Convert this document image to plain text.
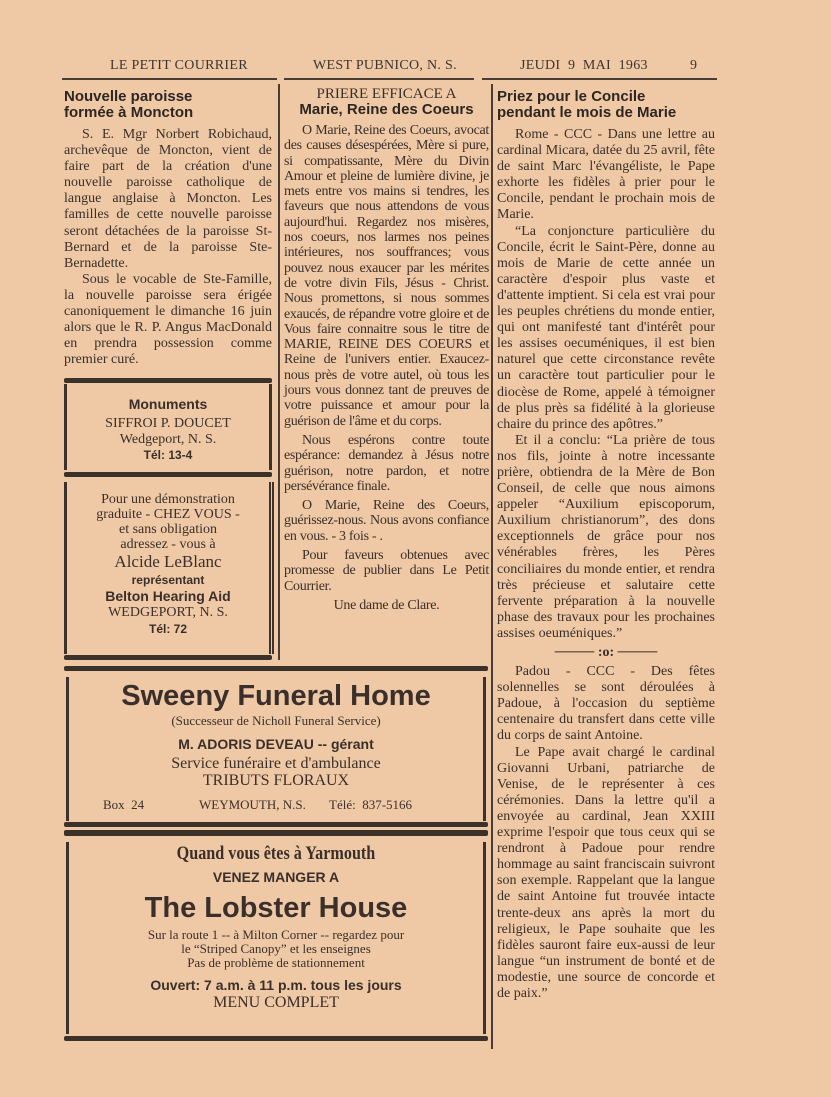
LE PETIT COURRIER	WEST PUBNICO, N. S.	JEUDI  9  MAI  1963	9
Nouvelle paroisse
formée à Moncton

S. E. Mgr Norbert Robichaud, archevêque de Moncton, vient de faire part de la création d'une nouvelle paroisse catholique de langue anglaise à Moncton. Les familles de cette nouvelle paroisse seront détachées de la paroisse St-Bernard et de la paroisse Ste-Bernadette.

Sous le vocable de Ste-Famille, la nouvelle paroisse sera érigée canoniquement le dimanche 16 juin alors que le R. P. Angus MacDonald en prendra possession comme premier curé.

Monuments
SIFFROI P. DOUCET
Wedgeport, N. S.
Tél: 13-4
Pour une démonstration
graduite - CHEZ VOUS -
et sans obligation
adressez - vous à
Alcide LeBlanc
représentant
Belton Hearing Aid
WEDGEPORT, N. S.
Tél: 72
PRIERE EFFICACE A
Marie, Reine des Coeurs

O Marie, Reine des Coeurs, avocat des causes désespérées, Mère si pure, si compatissante, Mère du Divin Amour et pleine de lumière divine, je mets entre vos mains si tendres, les faveurs que nous attendons de vous aujourd'hui. Regardez nos misères, nos coeurs, nos larmes nos peines intérieures, nos souffrances; vous pouvez nous exaucer par les mérites de votre divin Fils, Jésus - Christ. Nous promettons, si nous sommes exaucés, de répandre votre gloire et de Vous faire connaitre sous le titre de MARIE, REINE DES COEURS et Reine de l'univers entier. Exaucez-nous près de votre autel, où tous les jours vous donnez tant de preuves de votre puissance et amour pour la guérison de l'âme et du corps.

Nous espérons contre toute espérance: demandez à Jésus notre guérison, notre pardon, et notre persévérance finale.

O Marie, Reine des Coeurs, guérissez-nous. Nous avons confiance en vous. - 3 fois - .

Pour faveurs obtenues avec promesse de publier dans Le Petit Courrier.

Une dame de Clare.

Priez pour le Concile
pendant le mois de Marie

Rome - CCC - Dans une lettre au cardinal Micara, datée du 25 avril, fête de saint Marc l'évangéliste, le Pape exhorte les fidèles à prier pour le Concile, pendant le prochain mois de Marie.

“La conjoncture particulière du Concile, écrit le Saint-Père, donne au mois de Marie de cette année un caractère d'espoir plus vaste et d'attente imptient. Si cela est vrai pour les peuples chrétiens du monde entier, qui ont manifesté tant d'intérêt pour les assises oecuméniques, il est bien naturel que cette circonstance revête un caractère tout particulier pour le diocèse de Rome, appelé à témoigner de plus près sa fidélité à la glorieuse chaire du prince des apôtres.”

Et il a conclu: “La prière de tous nos fils, jointe à notre incessante prière, obtiendra de la Mère de Bon Conseil, de celle que nous aimons appeler “Auxilium episcoporum, Auxilium christianorum”, des dons exceptionnels de grâce pour nos vénérables frères, les Pères conciliaires du monde entier, et rendra très précieuse et salutaire cette fervente préparation à la nouvelle phase des travaux pour les prochaines assises oeuméniques.”

──── :o: ────

Padou - CCC - Des fêtes solennelles se sont déroulées à Padoue, à l'occasion du septième centenaire du transfert dans cette ville du corps de saint Antoine.

Le Pape avait chargé le cardinal Giovanni Urbani, patriarche de Venise, de le représenter à ces cérémonies. Dans la lettre qu'il a envoyée au cardinal, Jean XXIII exprime l'espoir que tous ceux qui se rendront à Padoue pour rendre hommage au saint franciscain suivront son exemple. Rappelant que la langue de saint Antoine fut trouvée intacte trente-deux ans après la mort du religieux, le Pape souhaite que les fidèles sauront faire eux-aussi de leur langue “un instrument de bonté et de modestie, une source de concorde et de paix.”

Sweeny Funeral Home
(Successeur de Nicholl Funeral Service)
M. ADORIS DEVEAU -- gérant
Service funéraire et d'ambulance
TRIBUTS FLORAUX
Box  24	WEYMOUTH, N.S. Télé:  837-5166
Quand vous êtes à Yarmouth
VENEZ MANGER A
The Lobster House
Sur la route 1 -- à Milton Corner -- regardez pour
le “Striped Canopy” et les enseignes
Pas de problème de stationnement
Ouvert: 7 a.m. à 11 p.m. tous les jours
MENU COMPLET
